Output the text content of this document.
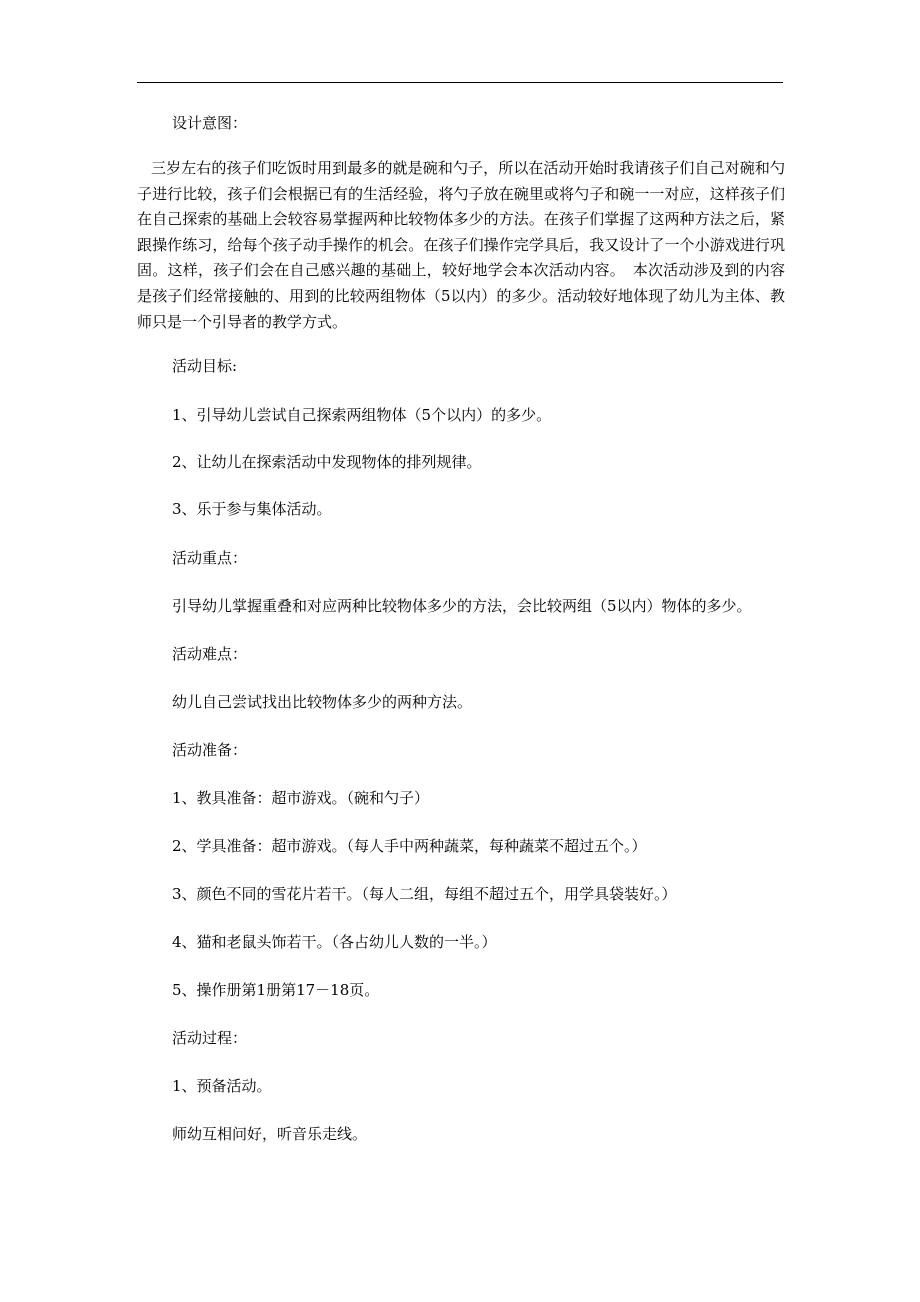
设计意图：

三岁左右的孩子们吃饭时用到最多的就是碗和勺子，所以在活动开始时我请孩子们自己对碗和勺子进行比较，孩子们会根据已有的生活经验，将勺子放在碗里或将勺子和碗一一对应，这样孩子们在自己探索的基础上会较容易掌握两种比较物体多少的方法。在孩子们掌握了这两种方法之后，紧跟操作练习，给每个孩子动手操作的机会。在孩子们操作完学具后，我又设计了一个小游戏进行巩固。这样，孩子们会在自己感兴趣的基础上，较好地学会本次活动内容。　本次活动涉及到的内容是孩子们经常接触的、用到的比较两组物体（5以内）的多少。活动较好地体现了幼儿为主体、教师只是一个引导者的教学方式。

活动目标:

1、引导幼儿尝试自己探索两组物体（5个以内）的多少。

2、让幼儿在探索活动中发现物体的排列规律。

3、乐于参与集体活动。

活动重点：

引导幼儿掌握重叠和对应两种比较物体多少的方法，会比较两组（5以内）物体的多少。

活动难点：

幼儿自己尝试找出比较物体多少的两种方法。

活动准备：

1、教具准备：超市游戏。（碗和勺子）

2、学具准备：超市游戏。（每人手中两种蔬菜，每种蔬菜不超过五个。）

3、颜色不同的雪花片若干。（每人二组，每组不超过五个，用学具袋装好。）

4、猫和老鼠头饰若干。（各占幼儿人数的一半。）

5、操作册第1册第17－18页。

活动过程：

1、预备活动。

师幼互相问好，听音乐走线。
